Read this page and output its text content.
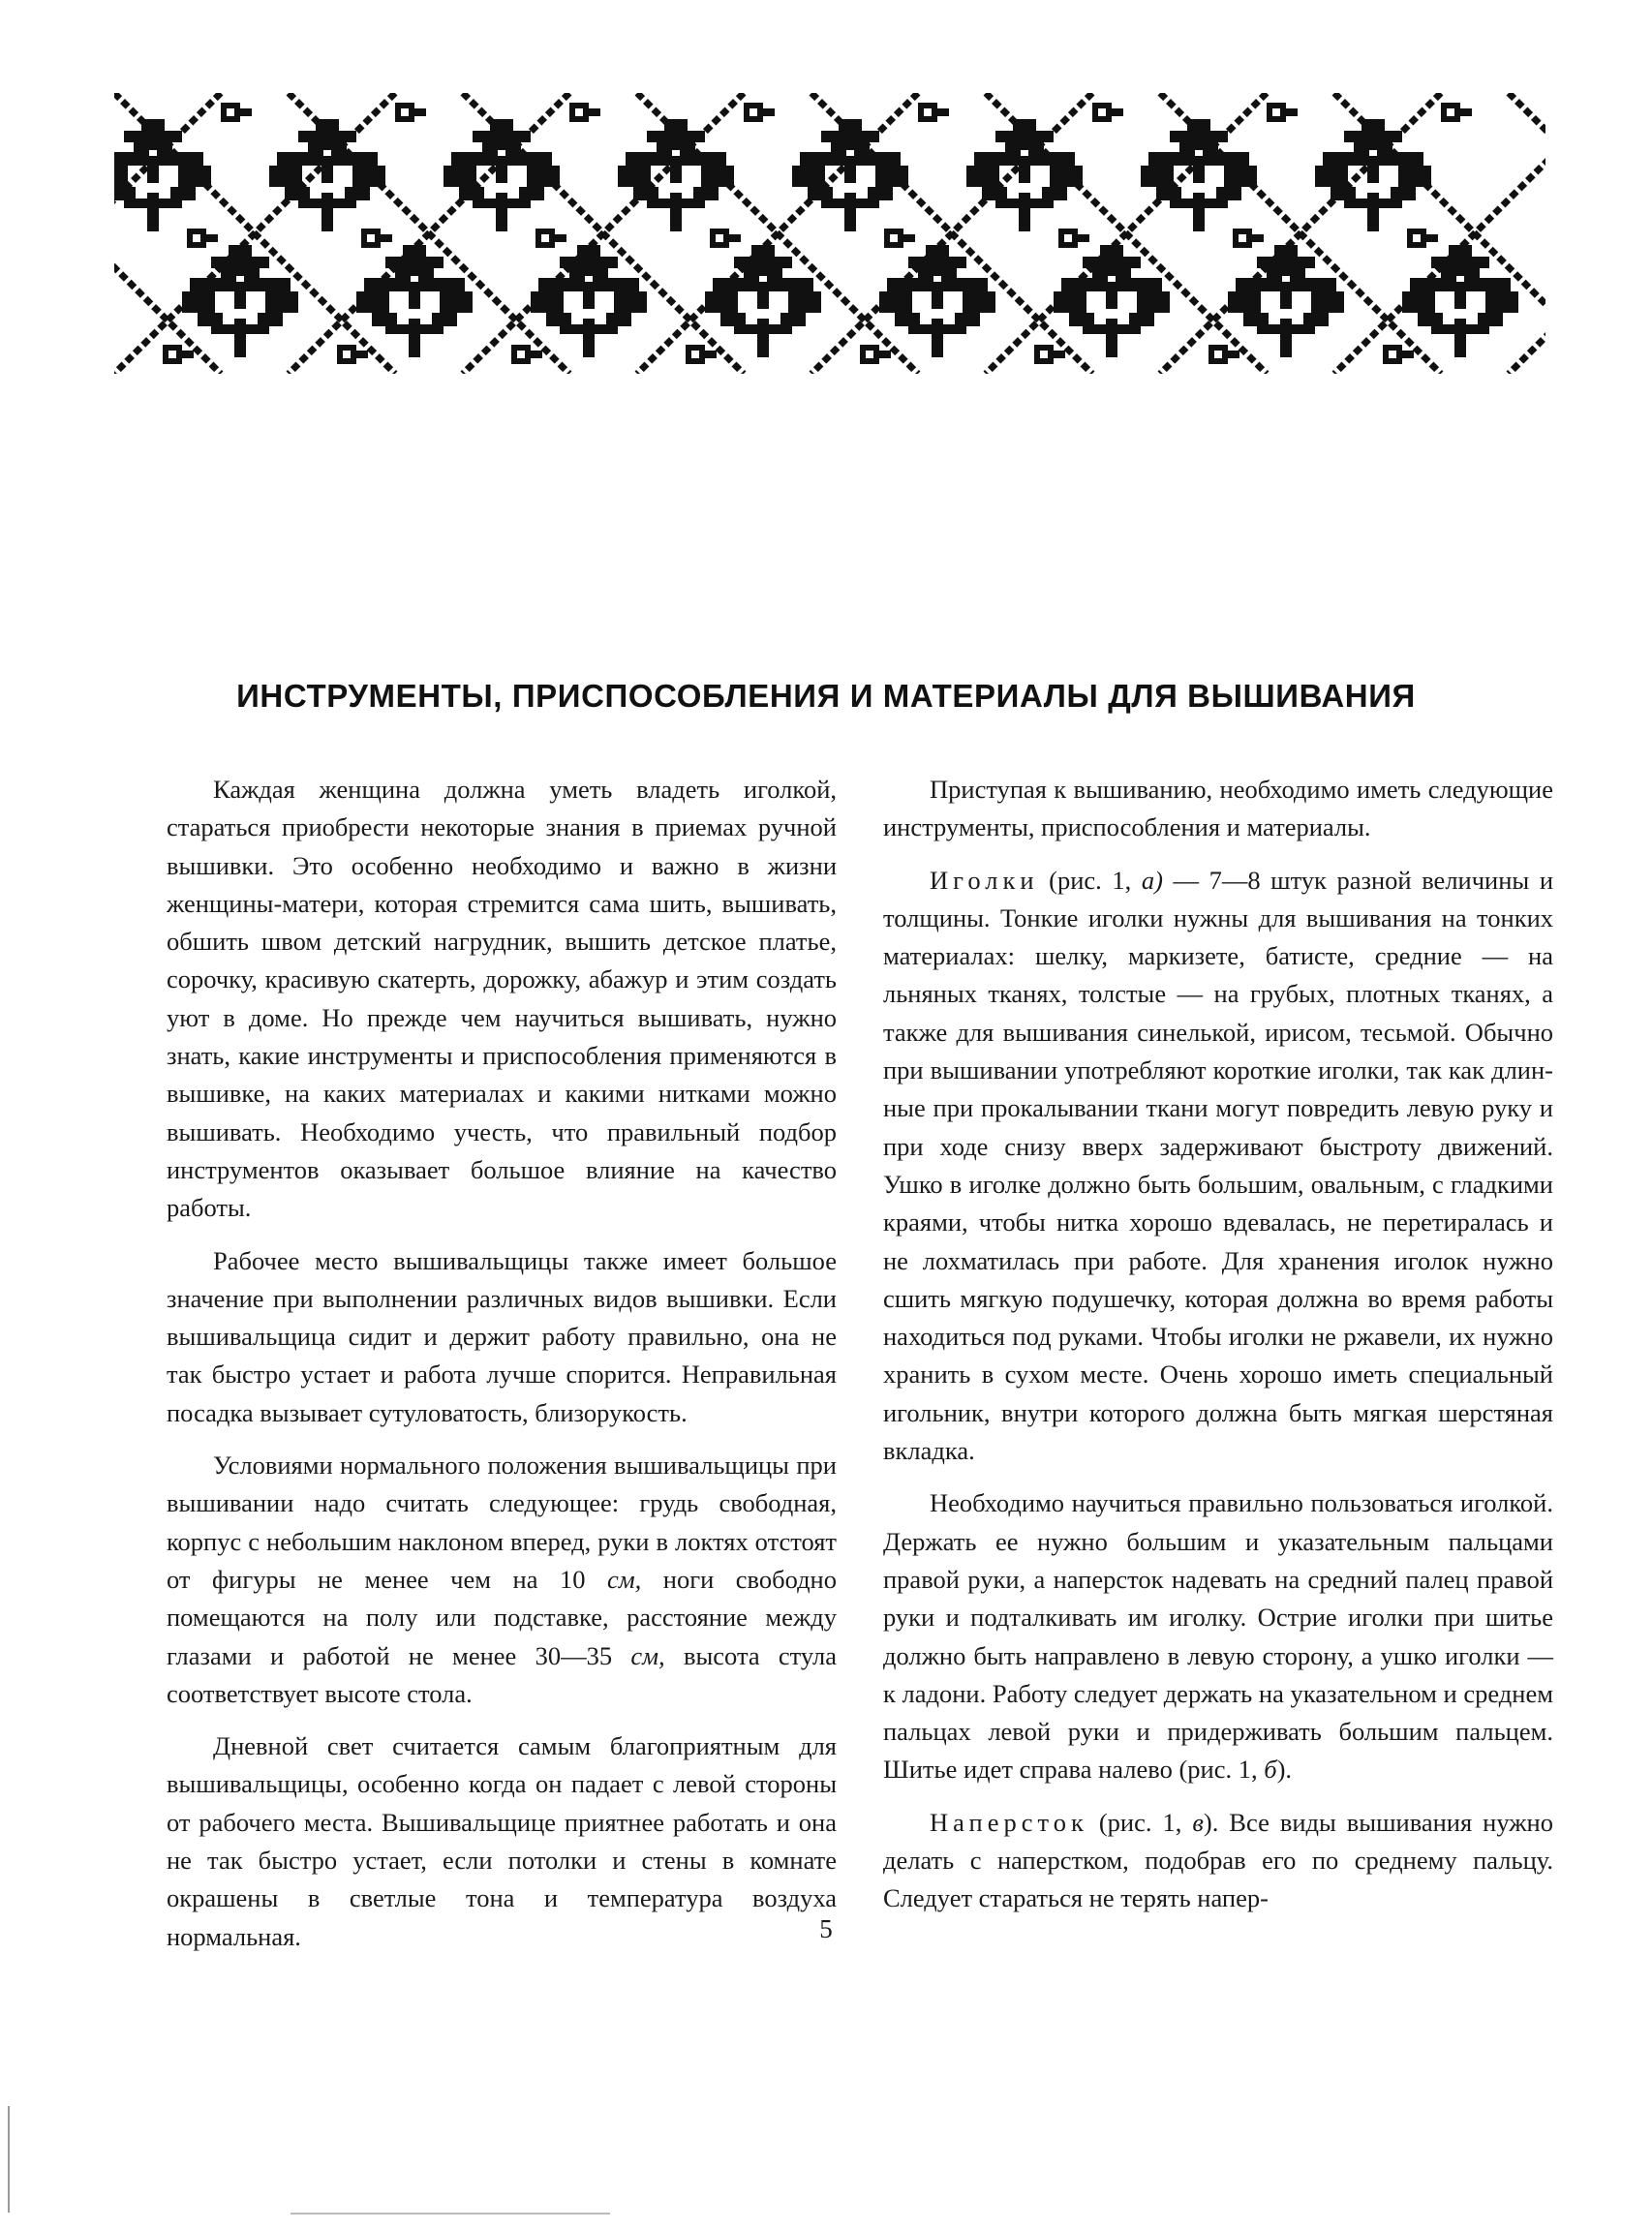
ИНСТРУМЕНТЫ, ПРИСПОСОБЛЕНИЯ И МАТЕРИАЛЫ ДЛЯ ВЫШИВАНИЯ

Каждая женщина должна уметь владеть иголкой, стараться приобрести некоторые знания в приемах ручной вышивки. Это особенно необходимо и важно в жизни женщины-матери, которая стремится сама шить, вышивать, обшить швом детский нагрудник, вышить детское платье, сорочку, красивую скатерть, дорожку, абажур и этим создать уют в доме. Но прежде чем научиться вышивать, нужно знать, какие инструменты и приспособления применяются в вышивке, на каких материалах и какими нитками можно вышивать. Необходимо учесть, что правильный подбор инструментов оказывает большое влияние на качество работы.

Рабочее место вышивальщицы также имеет большое значение при выполнении различных видов вышивки. Если вышивальщица сидит и держит работу правильно, она не так быстро устает и работа лучше спорится. Неправильная посадка вызывает сутуловатость, близорукость.

Условиями нормального положения вышивальщицы при вышивании надо считать следующее: грудь свободная, корпус с небольшим наклоном вперед, руки в локтях отстоят от фигуры не менее чем на 10 см, ноги свободно помещаются на полу или подставке, расстояние между глазами и работой не менее 30—35 см, высота стула соответствует высоте стола.

Дневной свет считается самым благоприятным для вышивальщицы, особенно когда он падает с левой стороны от рабочего места. Вышивальщице приятнее работать и она не так быстро устает, если потолки и стены в комнате окрашены в светлые тона и температура воздуха нормальная.

Приступая к вышиванию, необходимо иметь следующие инструменты, приспособления и материалы.

Иголки (рис. 1, а) — 7—8 штук разной величины и толщины. Тонкие иголки нужны для вышивания на тонких материалах: шелку, маркизете, батисте, средние — на льняных тканях, толстые — на грубых, плотных тканях, а также для вышивания синелькой, ирисом, тесьмой. Обычно при вышивании употребляют короткие иголки, так как длинные при прокалывании ткани могут повредить левую руку и при ходе снизу вверх задерживают быстроту движений. Ушко в иголке должно быть большим, овальным, с гладкими краями, чтобы нитка хорошо вдевалась, не перетиралась и не лохматилась при работе. Для хранения иголок нужно сшить мягкую подушечку, которая должна во время работы находиться под руками. Чтобы иголки не ржавели, их нужно хранить в сухом месте. Очень хорошо иметь специальный игольник, внутри которого должна быть мягкая шерстяная вкладка.

Необходимо научиться правильно пользоваться иголкой. Держать ее нужно большим и указательным пальцами правой руки, а наперсток надевать на средний палец правой руки и подталкивать им иголку. Острие иголки при шитье должно быть направлено в левую сторону, а ушко иголки — к ладони. Работу следует держать на указательном и среднем пальцах левой руки и придерживать большим пальцем. Шитье идет справа налево (рис. 1, б).

Наперсток (рис. 1, в). Все виды вышивания нужно делать с наперстком, подобрав его по среднему пальцу. Следует стараться не терять напер-

5
